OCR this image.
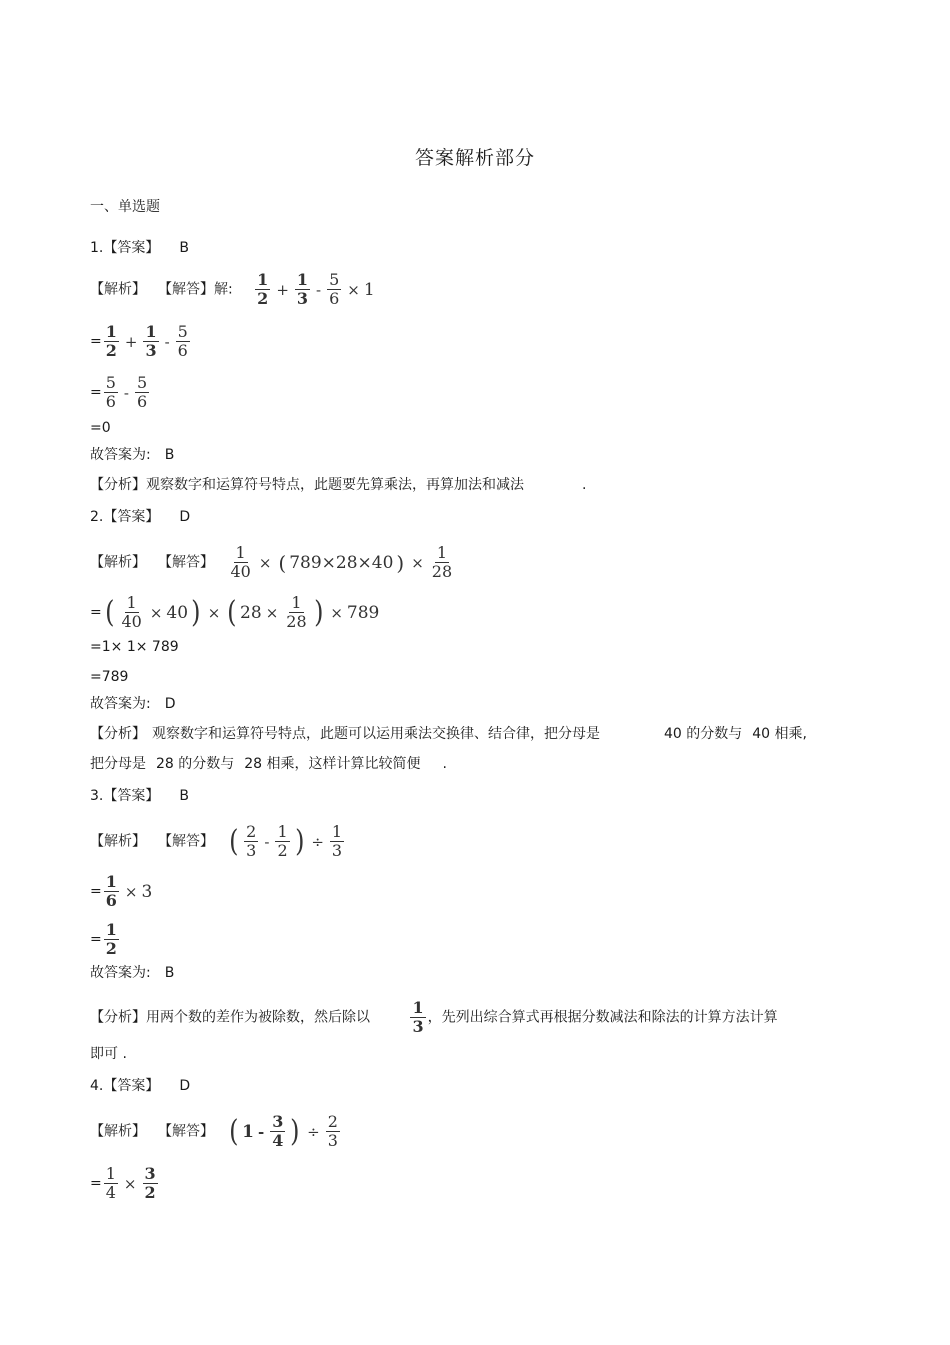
答案解析部分
一、单选题
1.【答案】 B
【解析】 【解答】解: $\frac{1}{2} + \frac{1}{3} - \frac{5}{6} \times 1$
= $\frac{1}{2} + \frac{1}{3} - \frac{5}{6}$
= $\frac{5}{6} - \frac{5}{6}$
=0
故答案为: B
【分析】观察数字和运算符号特点，此题要先算乘法，再算加法和减法	.
2.【答案】 D
【解析】 【解答】 $\frac{1}{40}$ × ( 789×28×40 ) × $\frac{1}{28}$
= ( $\frac{1}{40} \times 40$ ) × ( $28 \times \frac{1}{28}$ ) × 789
=1× 1× 789
=789
故答案为: D
【分析】 观察数字和运算符号特点，此题可以运用乘法交换律、结合律，把分母是	40 的分数与 40 相乘,
把分母是 28 的分数与 28 相乘，这样计算比较简便 .
3.【答案】 B
【解析】 【解答】 ( $\frac{2}{3} - \frac{1}{2}$ ) ÷ $\frac{1}{3}$
= $\frac{1}{6} \times 3$
= $\frac{1}{2}$
故答案为: B
【分析】用两个数的差作为被除数，然后除以	$\frac{1}{3}$ ，先列出综合算式再根据分数减法和除法的计算方法计算
即可 .
4.【答案】 D
【解析】 【解答】 ( $1 - \frac{3}{4}$ ) ÷ $\frac{2}{3}$
= $\frac{1}{4} \times \frac{3}{2}$
